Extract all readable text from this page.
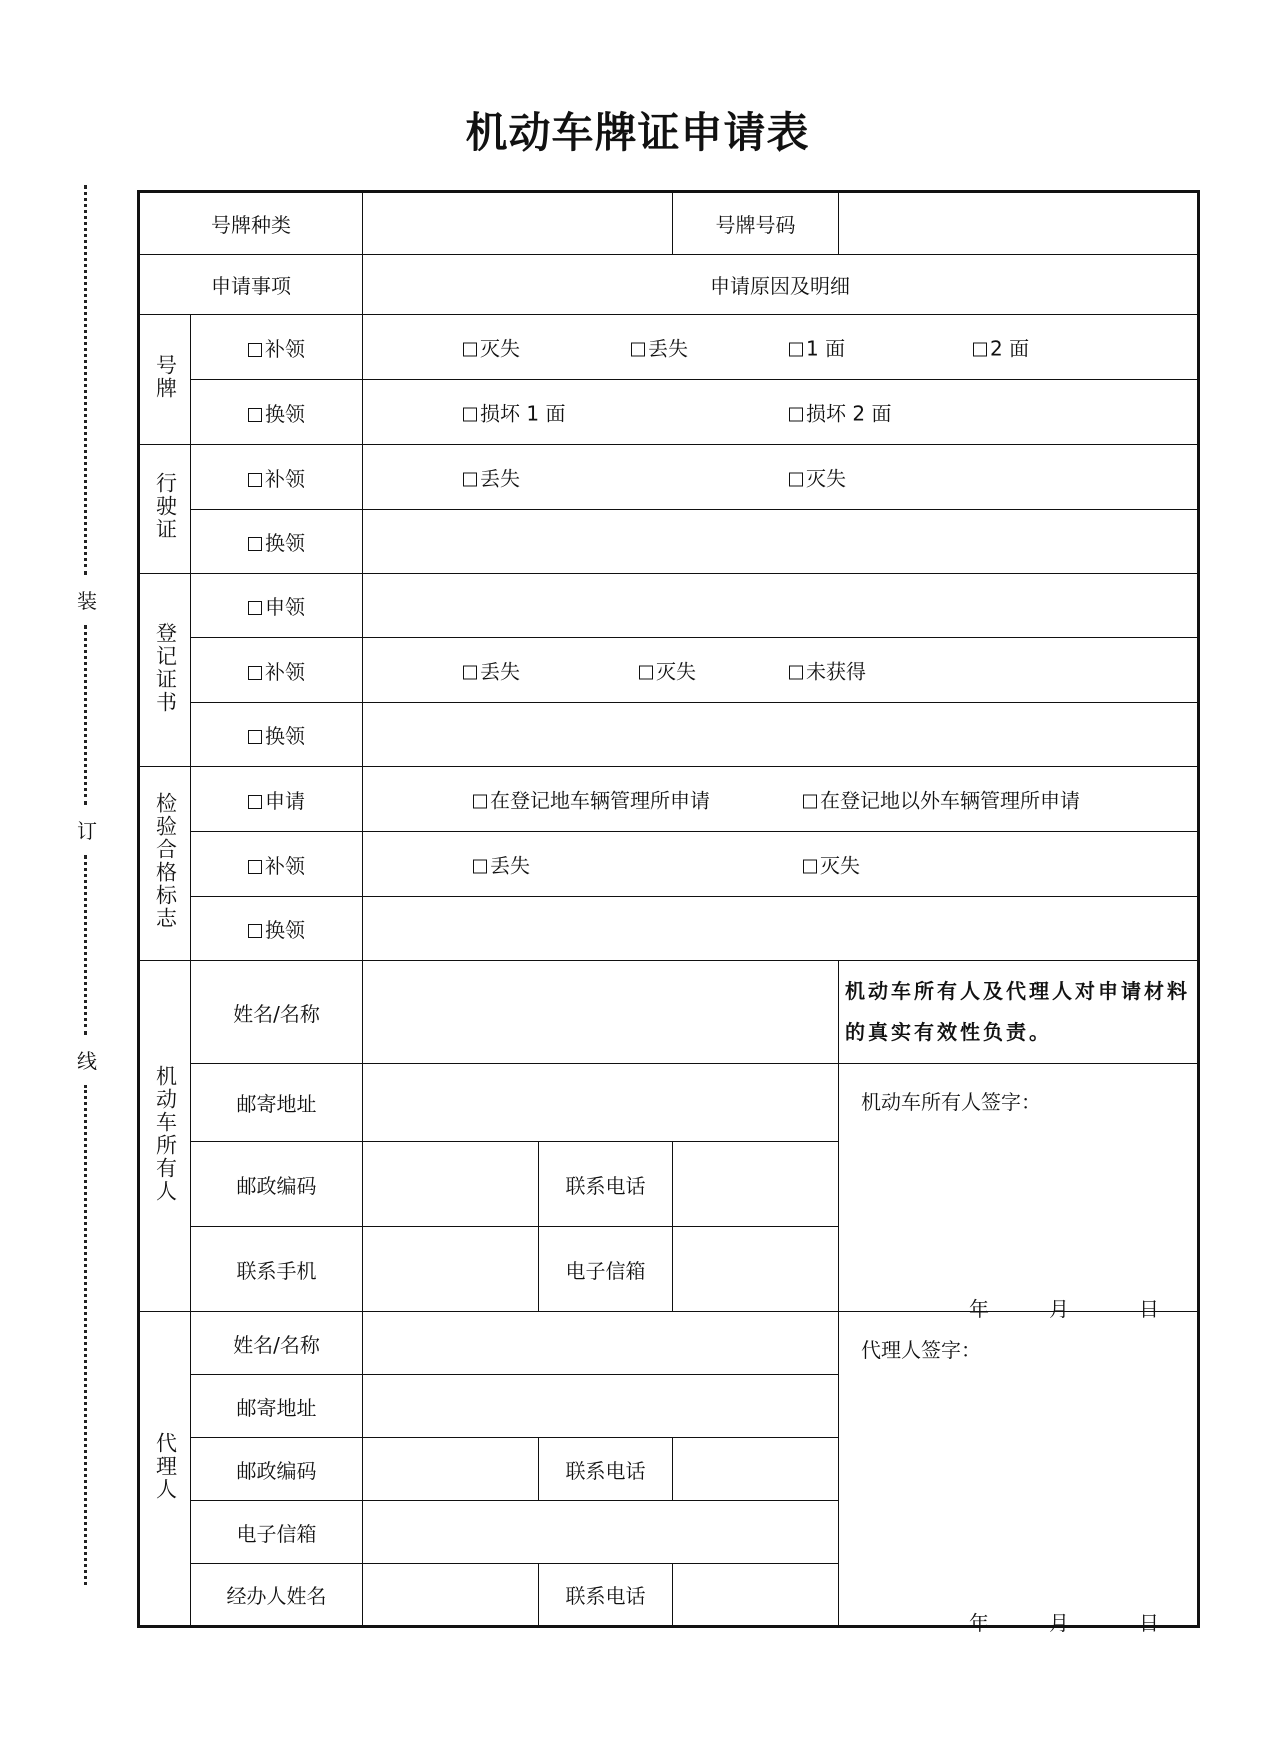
机动车牌证申请表
装
订
线
号牌种类				号牌号码	
申请事项		申请原因及明细			
号牌	补领	灭失 丢失 1 面 2 面			

	换领	损坏 1 面 损坏 2 面			

行驶证	补领	丢失 灭失			

	换领				
登记证书	申领				
	补领	丢失 灭失 未获得			

	换领				
检验合格标志	申请	在登记地车辆管理所申请 在登记地以外车辆管理所申请			

	补领	丢失 灭失			

	换领				
机动车所有人	姓名/名称				机动车所有人及代理人对申请材料的真实有效性负责。
	邮寄地址				机动车所有人签字：
年 月 日

	邮政编码		联系电话		
	联系手机		电子信箱		
代理人	姓名/名称				代理人签字：
年 月 日

	邮寄地址				
	邮政编码		联系电话		
	电子信箱				
	经办人姓名		联系电话		
